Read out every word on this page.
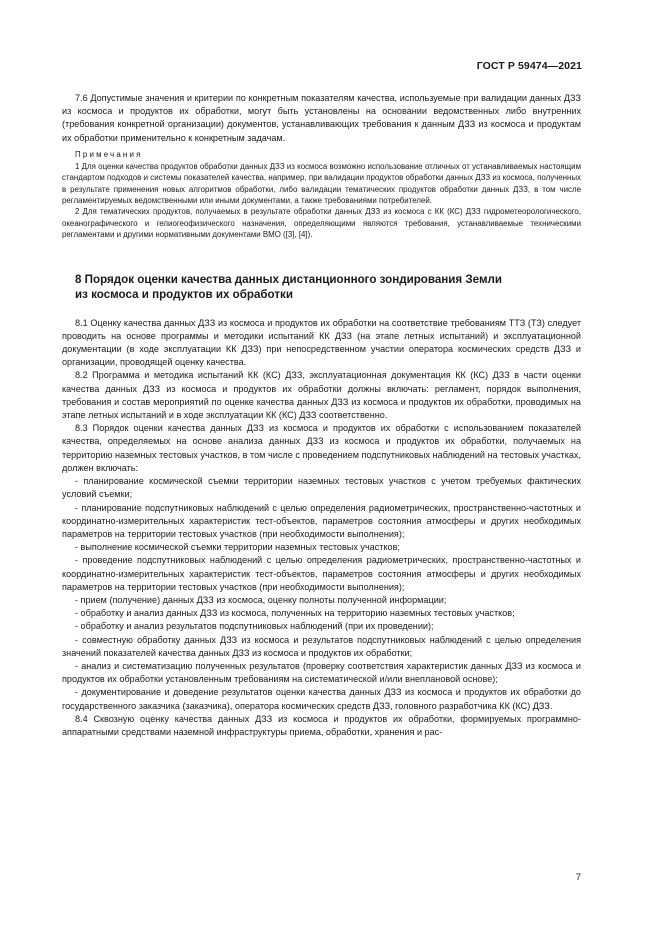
ГОСТ Р 59474—2021

7.6 Допустимые значения и критерии по конкретным показателям качества, используемые при валидации данных ДЗЗ из космоса и продуктов их обработки, могут быть установлены на основании ведомственных либо внутренних (требования конкретной организации) документов, устанавливающих требования к данным ДЗЗ из космоса и продуктам их обработки применительно к конкретным задачам.

Примечания

1 Для оценки качества продуктов обработки данных ДЗЗ из космоса возможно использование отличных от устанавливаемых настоящим стандартом подходов и системы показателей качества, например, при валидации продуктов обработки данных ДЗЗ из космоса, полученных в результате применения новых алгоритмов обработки, либо валидации тематических продуктов обработки данных ДЗЗ, в том числе регламентируемых ведомственными или иными документами, а также требованиями потребителей.

2 Для тематических продуктов, получаемых в результате обработки данных ДЗЗ из космоса с КК (КС) ДЗЗ гидрометеорологического, океанографического и гелиогеофизического назначения, определяющими являются требования, устанавливаемые техническими регламентами и другими нормативными документами ВМО ([3], [4]).

8 Порядок оценки качества данных дистанционного зондирования Земли
из космоса и продуктов их обработки

8.1 Оценку качества данных ДЗЗ из космоса и продуктов их обработки на соответствие требованиям ТТЗ (ТЗ) следует проводить на основе программы и методики испытаний КК ДЗЗ (на этапе летных испытаний) и эксплуатационной документации (в ходе эксплуатации КК ДЗЗ) при непосредственном участии оператора космических средств ДЗЗ и организации, проводящей оценку качества.

8.2 Программа и методика испытаний КК (КС) ДЗЗ, эксплуатационная документация КК (КС) ДЗЗ в части оценки качества данных ДЗЗ из космоса и продуктов их обработки должны включать: регламент, порядок выполнения, требования и состав мероприятий по оценке качества данных ДЗЗ из космоса и продуктов их обработки, проводимых на этапе летных испытаний и в ходе эксплуатации КК (КС) ДЗЗ соответственно.

8.3 Порядок оценки качества данных ДЗЗ из космоса и продуктов их обработки с использованием показателей качества, определяемых на основе анализа данных ДЗЗ из космоса и продуктов их обработки, получаемых на территорию наземных тестовых участков, в том числе с проведением подспутниковых наблюдений на тестовых участках, должен включать:

- планирование космической съемки территории наземных тестовых участков с учетом требуемых фактических условий съемки;

- планирование подспутниковых наблюдений с целью определения радиометрических, пространственно-частотных и координатно-измерительных характеристик тест-объектов, параметров состояния атмосферы и других необходимых параметров на территории тестовых участков (при необходимости выполнения);

- выполнение космической съемки территории наземных тестовых участков;

- проведение подспутниковых наблюдений с целью определения радиометрических, пространственно-частотных и координатно-измерительных характеристик тест-объектов, параметров состояния атмосферы и других необходимых параметров на территории тестовых участков (при необходимости выполнения);

- прием (получение) данных ДЗЗ из космоса, оценку полноты полученной информации;

- обработку и анализ данных ДЗЗ из космоса, полученных на территорию наземных тестовых участков;

- обработку и анализ результатов подспутниковых наблюдений (при их проведении);

- совместную обработку данных ДЗЗ из космоса и результатов подспутниковых наблюдений с целью определения значений показателей качества данных ДЗЗ из космоса и продуктов их обработки;

- анализ и систематизацию полученных результатов (проверку соответствия характеристик данных ДЗЗ из космоса и продуктов их обработки установленным требованиям на систематической и/или внеплановой основе);

- документирование и доведение результатов оценки качества данных ДЗЗ из космоса и продуктов их обработки до государственного заказчика (заказчика), оператора космических средств ДЗЗ, головного разработчика КК (КС) ДЗЗ.

8.4 Сквозную оценку качества данных ДЗЗ из космоса и продуктов их обработки, формируемых программно-аппаратными средствами наземной инфраструктуры приема, обработки, хранения и рас-

7
